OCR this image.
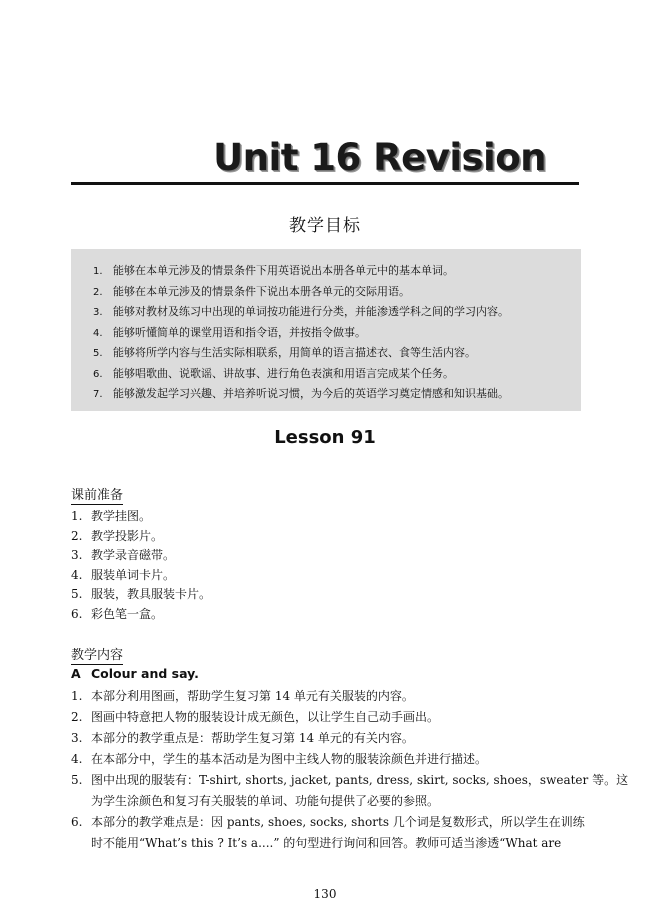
Unit 16 Revision
教学目标
1. 能够在本单元涉及的情景条件下用英语说出本册各单元中的基本单词。
2. 能够在本单元涉及的情景条件下说出本册各单元的交际用语。
3. 能够对教材及练习中出现的单词按功能进行分类，并能渗透学科之间的学习内容。
4. 能够听懂简单的课堂用语和指令语，并按指令做事。
5. 能够将所学内容与生活实际相联系，用简单的语言描述衣、食等生活内容。
6. 能够唱歌曲、说歌谣、讲故事、进行角色表演和用语言完成某个任务。
7. 能够激发起学习兴趣、并培养听说习惯，为今后的英语学习奠定情感和知识基础。
Lesson 91
课前准备
1. 教学挂图。
2. 教学投影片。
3. 教学录音磁带。
4. 服装单词卡片。
5. 服装，教具服装卡片。
6. 彩色笔一盒。
教学内容
A Colour and say.
1. 本部分利用图画，帮助学生复习第 14 单元有关服装的内容。
2. 图画中特意把人物的服装设计成无颜色，以让学生自己动手画出。
3. 本部分的教学重点是：帮助学生复习第 14 单元的有关内容。
4. 在本部分中，学生的基本活动是为图中主线人物的服装涂颜色并进行描述。
5. 图中出现的服装有：T-shirt, shorts, jacket, pants, dress, skirt, socks, shoes，sweater 等。这
为学生涂颜色和复习有关服装的单词、功能句提供了必要的参照。
6. 本部分的教学难点是：因 pants, shoes, socks, shorts 几个词是复数形式，所以学生在训练
时不能用“What’s this ? It’s a....” 的句型进行询问和回答。教师可适当渗透“What are
130
